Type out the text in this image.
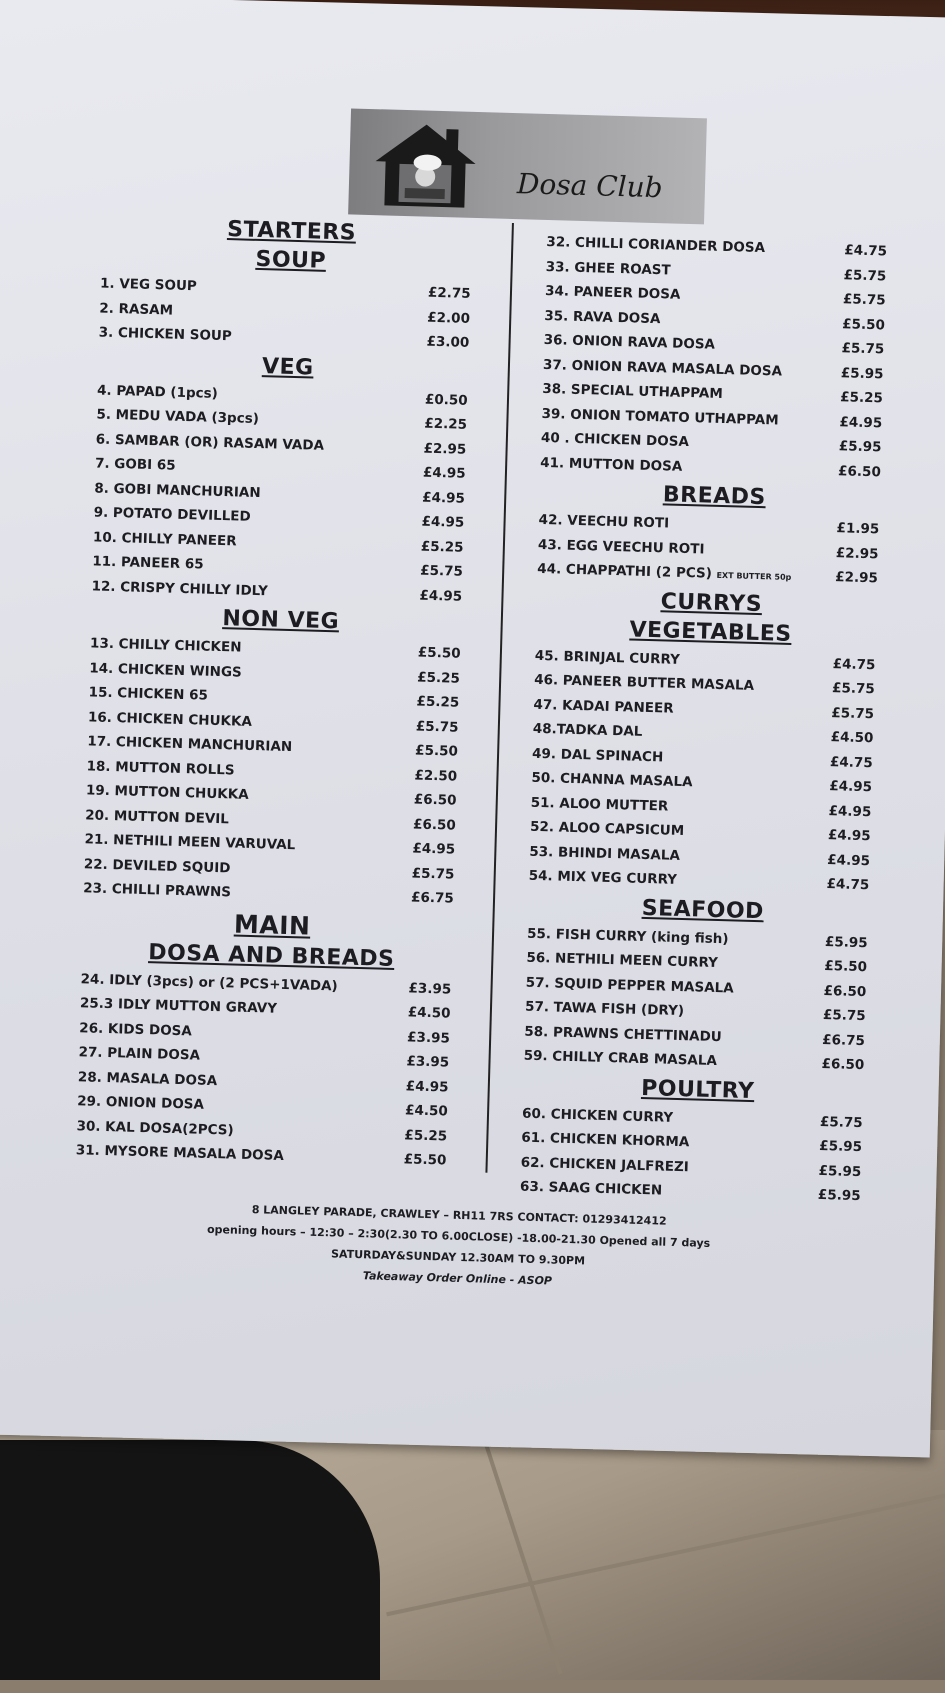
Dosa Club
STARTERS
SOUP
1. VEG SOUP	£2.75
2. RASAM	£2.00
3. CHICKEN SOUP	£3.00
VEG
4. PAPAD (1pcs)	£0.50
5. MEDU VADA (3pcs)	£2.25
6. SAMBAR (OR) RASAM VADA	£2.95
7. GOBI 65	£4.95
8. GOBI MANCHURIAN	£4.95
9. POTATO DEVILLED	£4.95
10. CHILLY PANEER	£5.25
11. PANEER 65	£5.75
12. CRISPY CHILLY IDLY	£4.95
NON VEG
13. CHILLY CHICKEN	£5.50
14. CHICKEN WINGS	£5.25
15. CHICKEN 65	£5.25
16. CHICKEN CHUKKA	£5.75
17. CHICKEN MANCHURIAN	£5.50
18. MUTTON ROLLS	£2.50
19. MUTTON CHUKKA	£6.50
20. MUTTON DEVIL	£6.50
21. NETHILI MEEN VARUVAL	£4.95
22. DEVILED SQUID	£5.75
23. CHILLI PRAWNS	£6.75
MAIN
DOSA AND BREADS
24. IDLY (3pcs) or (2 PCS+1VADA)	£3.95
25.3 IDLY MUTTON GRAVY	£4.50
26. KIDS DOSA	£3.95
27. PLAIN DOSA	£3.95
28. MASALA DOSA	£4.95
29. ONION DOSA	£4.50
30. KAL DOSA(2PCS)	£5.25
31. MYSORE MASALA DOSA	£5.50
32. CHILLI CORIANDER DOSA	£4.75
33. GHEE ROAST	£5.75
34. PANEER DOSA	£5.75
35. RAVA DOSA	£5.50
36. ONION RAVA DOSA	£5.75
37. ONION RAVA MASALA DOSA	£5.95
38. SPECIAL UTHAPPAM	£5.25
39. ONION TOMATO UTHAPPAM	£4.95
40 . CHICKEN DOSA	£5.95
41. MUTTON DOSA	£6.50
BREADS
42. VEECHU ROTI	£1.95
43. EGG VEECHU ROTI	£2.95
44. CHAPPATHI (2 PCS) EXT BUTTER 50p	£2.95
CURRYS
VEGETABLES
45. BRINJAL CURRY	£4.75
46. PANEER BUTTER MASALA	£5.75
47. KADAI PANEER	£5.75
48.TADKA DAL	£4.50
49. DAL SPINACH	£4.75
50. CHANNA MASALA	£4.95
51. ALOO MUTTER	£4.95
52. ALOO CAPSICUM	£4.95
53. BHINDI MASALA	£4.95
54. MIX VEG CURRY	£4.75
SEAFOOD
55. FISH CURRY (king fish)	£5.95
56. NETHILI MEEN CURRY	£5.50
57. SQUID PEPPER MASALA	£6.50
57. TAWA FISH (DRY)	£5.75
58. PRAWNS CHETTINADU	£6.75
59. CHILLY CRAB MASALA	£6.50
POULTRY
60. CHICKEN CURRY	£5.75
61. CHICKEN KHORMA	£5.95
62. CHICKEN JALFREZI	£5.95
63. SAAG CHICKEN	£5.95
8 LANGLEY PARADE, CRAWLEY – RH11 7RS CONTACT: 01293412412
opening hours – 12:30 – 2:30(2.30 TO 6.00CLOSE) -18.00-21.30 Opened all 7 days
SATURDAY&SUNDAY 12.30AM TO 9.30PM
Takeaway Order Online - ASOP
